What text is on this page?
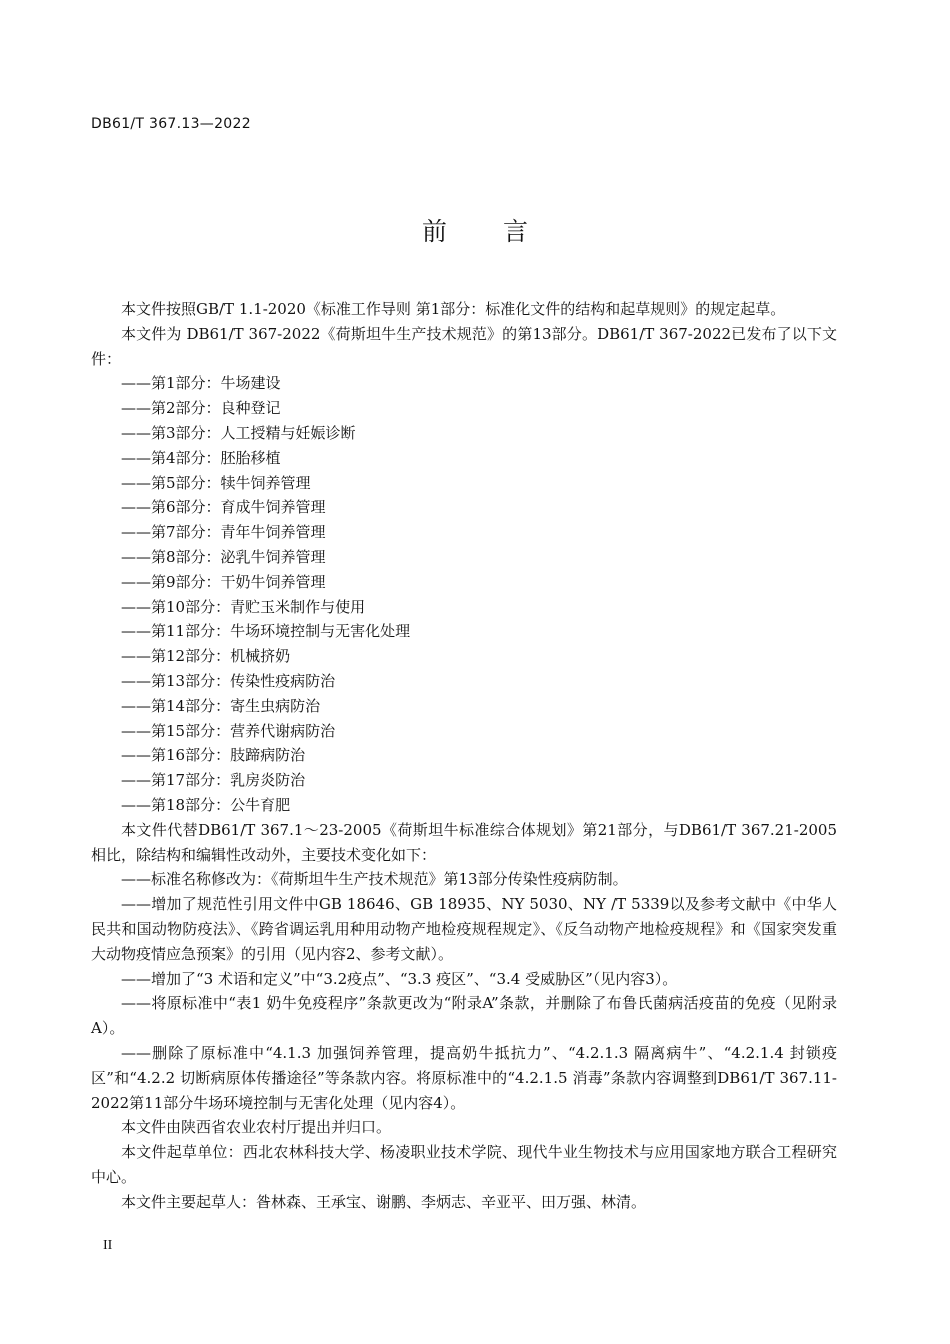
DB61/T 367.13—2022
前 言

本文件按照GB/T 1.1-2020《标准工作导则 第1部分：标准化文件的结构和起草规则》的规定起草。

本文件为 DB61/T 367-2022《荷斯坦牛生产技术规范》的第13部分。DB61/T 367-2022已发布了以下文件：

——第1部分：牛场建设

——第2部分：良种登记

——第3部分：人工授精与妊娠诊断

——第4部分：胚胎移植

——第5部分：犊牛饲养管理

——第6部分：育成牛饲养管理

——第7部分：青年牛饲养管理

——第8部分：泌乳牛饲养管理

——第9部分：干奶牛饲养管理

——第10部分：青贮玉米制作与使用

——第11部分：牛场环境控制与无害化处理

——第12部分：机械挤奶

——第13部分：传染性疫病防治

——第14部分：寄生虫病防治

——第15部分：营养代谢病防治

——第16部分：肢蹄病防治

——第17部分：乳房炎防治

——第18部分：公牛育肥

本文件代替DB61/T 367.1～23-2005《荷斯坦牛标准综合体规划》第21部分，与DB61/T 367.21-2005相比，除结构和编辑性改动外，主要技术变化如下：

——标准名称修改为：《荷斯坦牛生产技术规范》第13部分传染性疫病防制。

——增加了规范性引用文件中GB 18646、GB 18935、NY 5030、NY /T 5339以及参考文献中《中华人民共和国动物防疫法》、《跨省调运乳用种用动物产地检疫规程规定》、《反刍动物产地检疫规程》和《国家突发重大动物疫情应急预案》的引用（见内容2、参考文献）。

——增加了“3 术语和定义”中“3.2疫点”、“3.3 疫区”、“3.4 受威胁区”（见内容3）。

——将原标准中“表1 奶牛免疫程序”条款更改为“附录A”条款，并删除了布鲁氏菌病活疫苗的免疫（见附录A）。

——删除了原标准中“4.1.3 加强饲养管理，提高奶牛抵抗力”、“4.2.1.3 隔离病牛”、“4.2.1.4 封锁疫区”和“4.2.2 切断病原体传播途径”等条款内容。将原标准中的“4.2.1.5 消毒”条款内容调整到DB61/T 367.11-2022第11部分牛场环境控制与无害化处理（见内容4）。

本文件由陕西省农业农村厅提出并归口。

本文件起草单位：西北农林科技大学、杨凌职业技术学院、现代牛业生物技术与应用国家地方联合工程研究中心。

本文件主要起草人：昝林森、王承宝、谢鹏、李炳志、辛亚平、田万强、林清。

II
